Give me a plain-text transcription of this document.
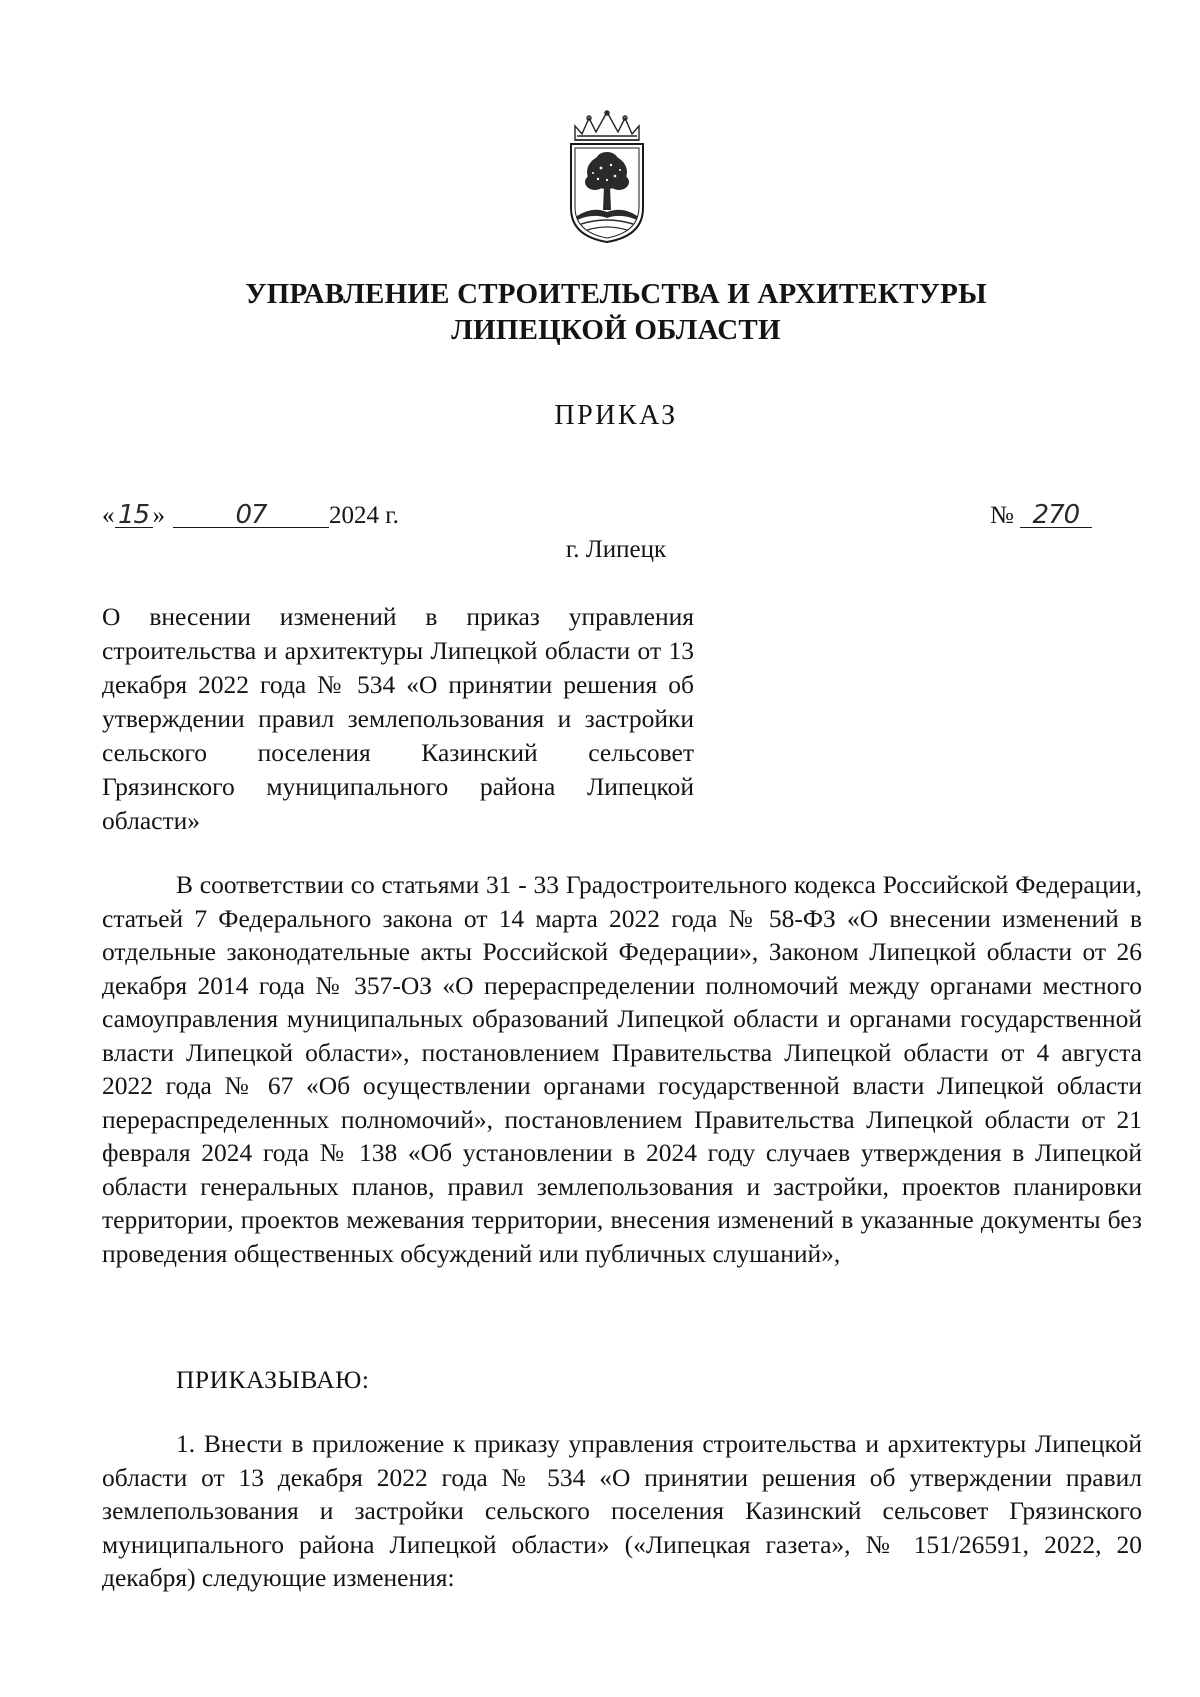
УПРАВЛЕНИЕ СТРОИТЕЛЬСТВА И АРХИТЕКТУРЫ
ЛИПЕЦКОЙ ОБЛАСТИ
ПРИКАЗ
« 15 »	07 2024 г.	№ 270
г. Липецк
О внесении изменений в приказ управления строительства и архитектуры Липецкой области от 13 декабря 2022 года № 534 «О принятии решения об утверждении правил землепользования и застройки сельского поселения Казинский сельсовет Грязинского муниципального района Липецкой области»

В соответствии со статьями 31 - 33 Градостроительного кодекса Российской Федерации, статьей 7 Федерального закона от 14 марта 2022 года № 58-ФЗ «О внесении изменений в отдельные законодательные акты Российской Федерации», Законом Липецкой области от 26 декабря 2014 года № 357-ОЗ «О перераспределении полномочий между органами местного самоуправления муниципальных образований Липецкой области и органами государственной власти Липецкой области», постановлением Правительства Липецкой области от 4 августа 2022 года № 67 «Об осуществлении органами государственной власти Липецкой области перераспределенных полномочий», постановлением Правительства Липецкой области от 21 февраля 2024 года № 138 «Об установлении в 2024 году случаев утверждения в Липецкой области генеральных планов, правил землепользования и застройки, проектов планировки территории, проектов межевания территории, внесения изменений в указанные документы без проведения общественных обсуждений или публичных слушаний»,

ПРИКАЗЫВАЮ:

1. Внести в приложение к приказу управления строительства и архитектуры Липецкой области от 13 декабря 2022 года № 534 «О принятии решения об утверждении правил землепользования и застройки сельского поселения Казинский сельсовет Грязинского муниципального района Липецкой области» («Липецкая газета», № 151/26591, 2022, 20 декабря) следующие изменения:
